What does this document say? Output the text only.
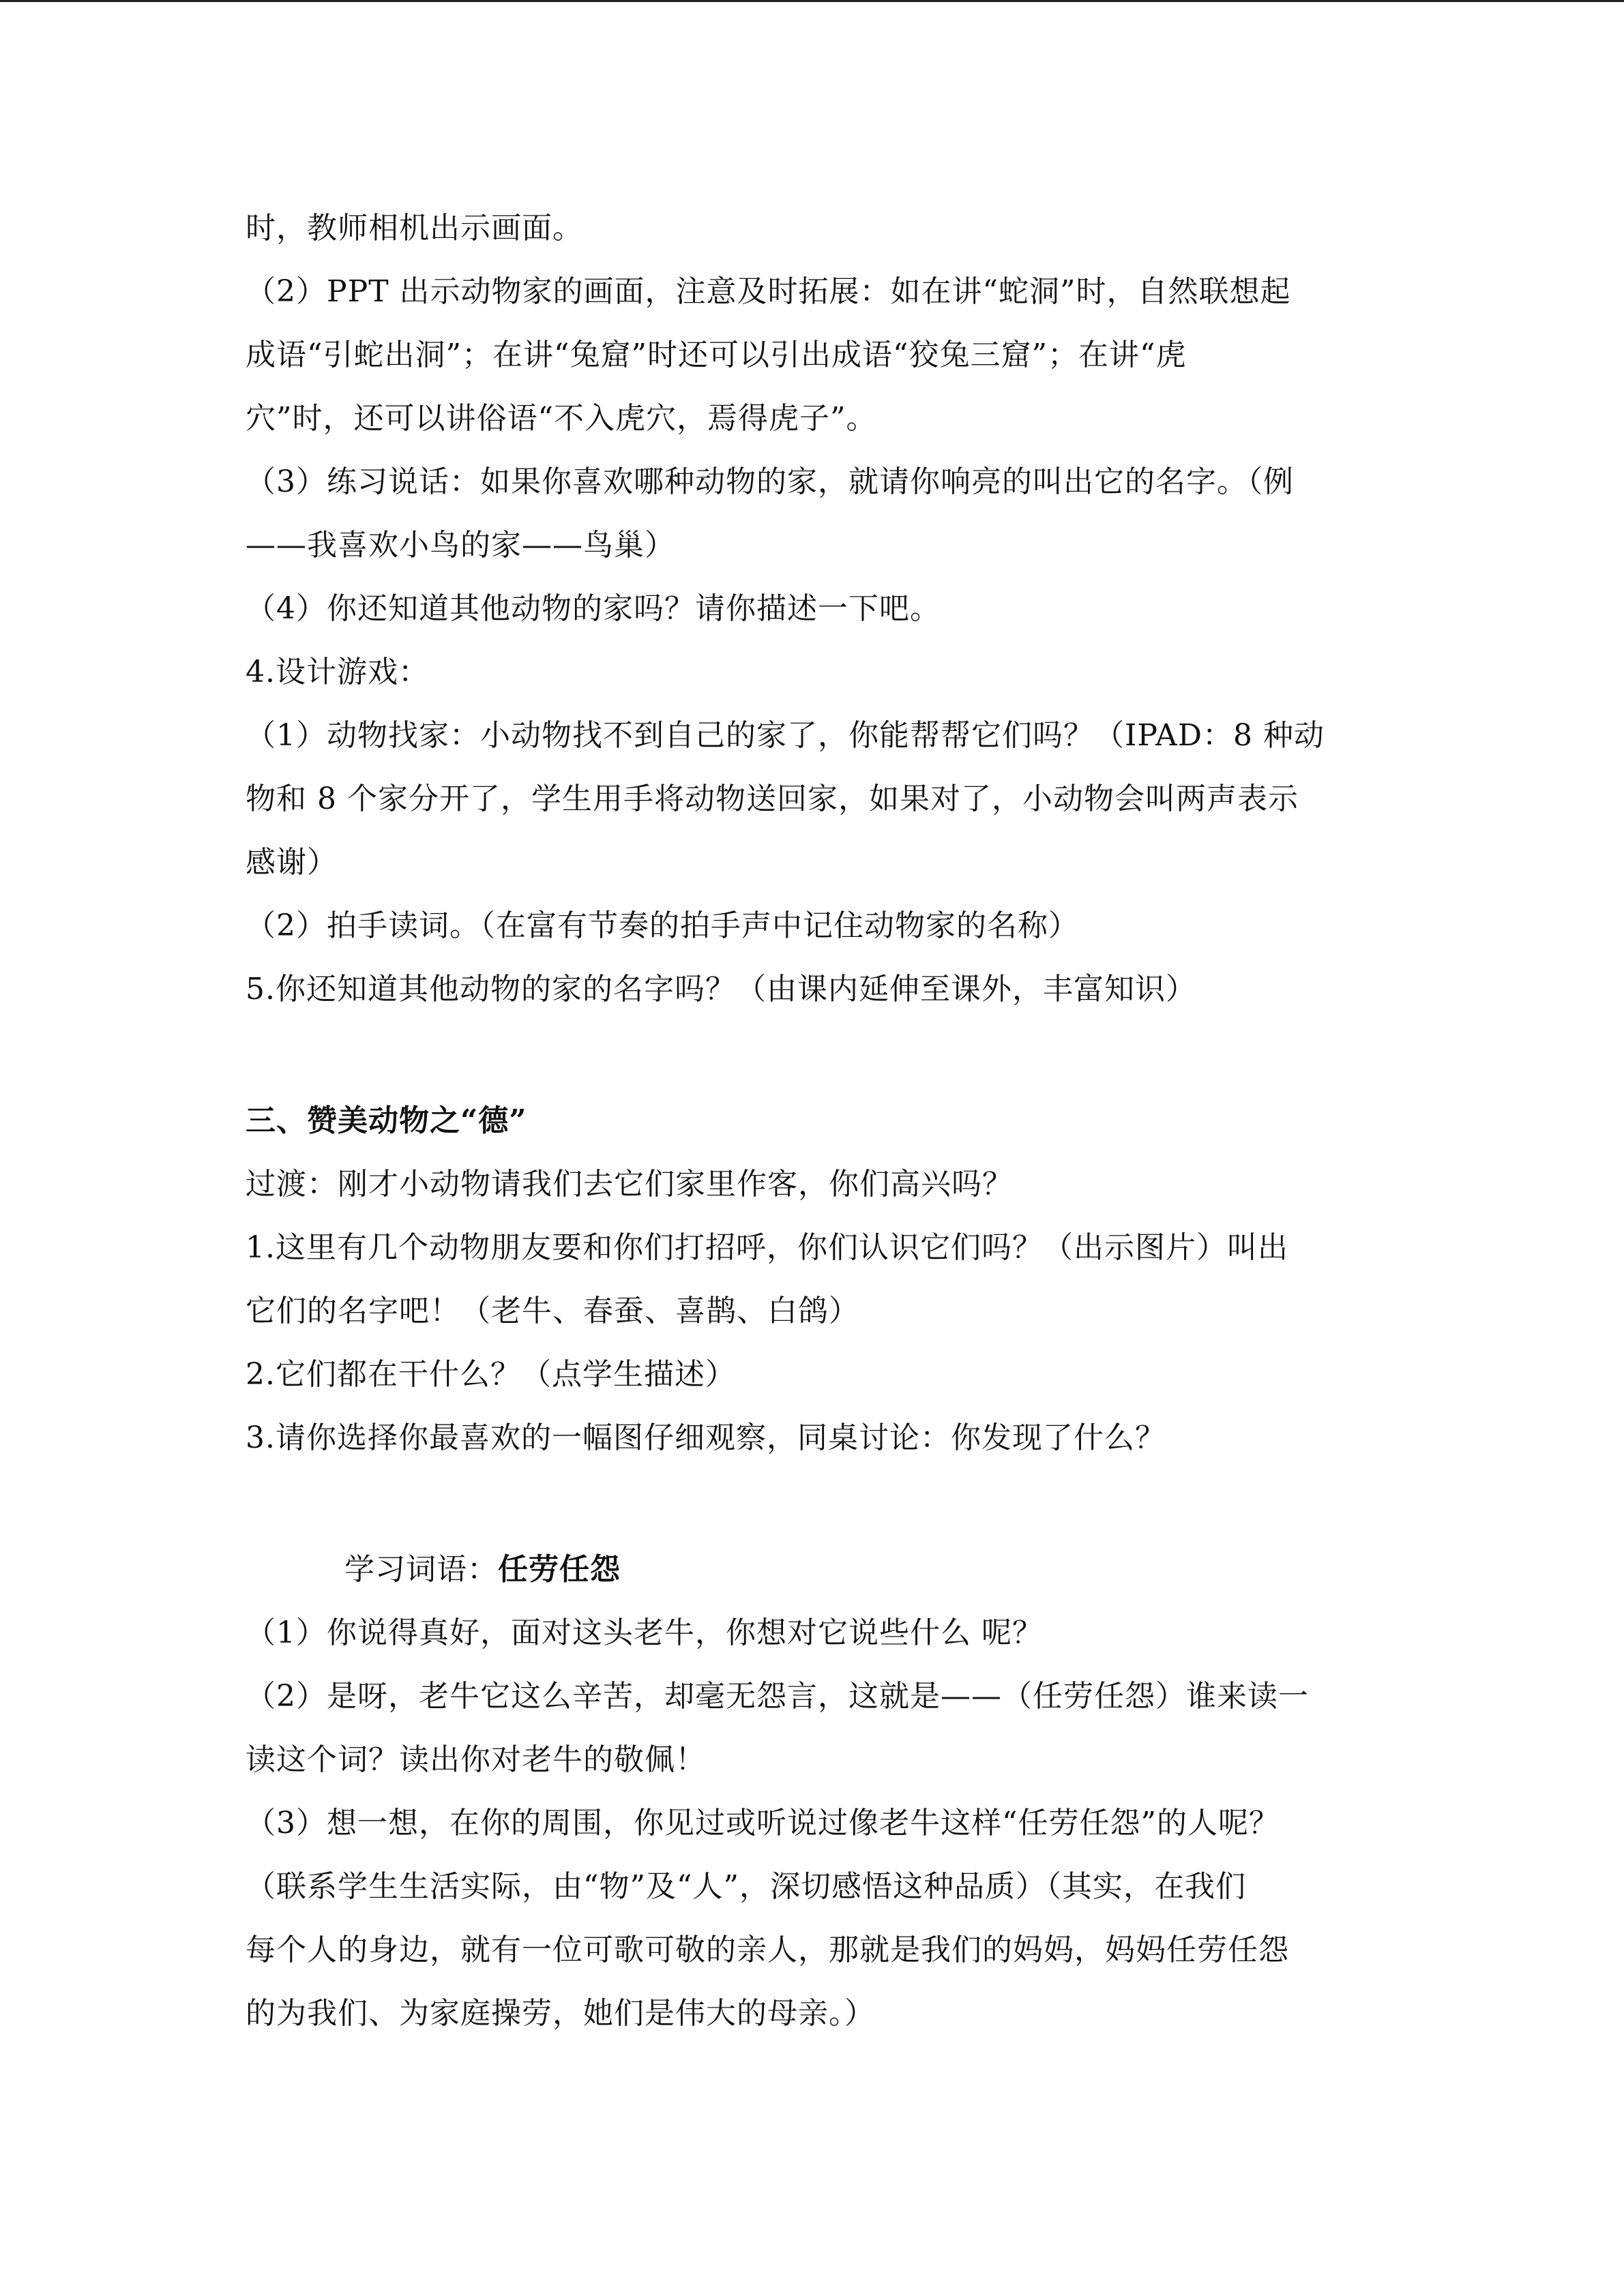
时，教师相机出示画面。
（2）PPT 出示动物家的画面，注意及时拓展：如在讲“蛇洞”时，自然联想起
成语“引蛇出洞”；在讲“兔窟”时还可以引出成语“狡兔三窟”；在讲“虎
穴”时，还可以讲俗语“不入虎穴，焉得虎子”。
（3）练习说话：如果你喜欢哪种动物的家，就请你响亮的叫出它的名字。（例
——我喜欢小鸟的家——鸟巢）
（4）你还知道其他动物的家吗？请你描述一下吧。
4.设计游戏：
（1）动物找家：小动物找不到自己的家了，你能帮帮它们吗？（IPAD：8 种动
物和 8 个家分开了，学生用手将动物送回家，如果对了，小动物会叫两声表示
感谢）
（2）拍手读词。（在富有节奏的拍手声中记住动物家的名称）
5.你还知道其他动物的家的名字吗？（由课内延伸至课外，丰富知识）
三、赞美动物之“德”
过渡：刚才小动物请我们去它们家里作客，你们高兴吗？
1.这里有几个动物朋友要和你们打招呼，你们认识它们吗？（出示图片）叫出
它们的名字吧！（老牛、春蚕、喜鹊、白鸽）
2.它们都在干什么？（点学生描述）
3.请你选择你最喜欢的一幅图仔细观察，同桌讨论：你发现了什么？
学习词语：任劳任怨
（1）你说得真好，面对这头老牛，你想对它说些什么 呢？
（2）是呀，老牛它这么辛苦，却毫无怨言，这就是——（任劳任怨）谁来读一
读这个词？读出你对老牛的敬佩！
（3）想一想，在你的周围，你见过或听说过像老牛这样“任劳任怨”的人呢？
（联系学生生活实际，由“物”及“人”，深切感悟这种品质）（其实，在我们
每个人的身边，就有一位可歌可敬的亲人，那就是我们的妈妈，妈妈任劳任怨
的为我们、为家庭操劳，她们是伟大的母亲。）
